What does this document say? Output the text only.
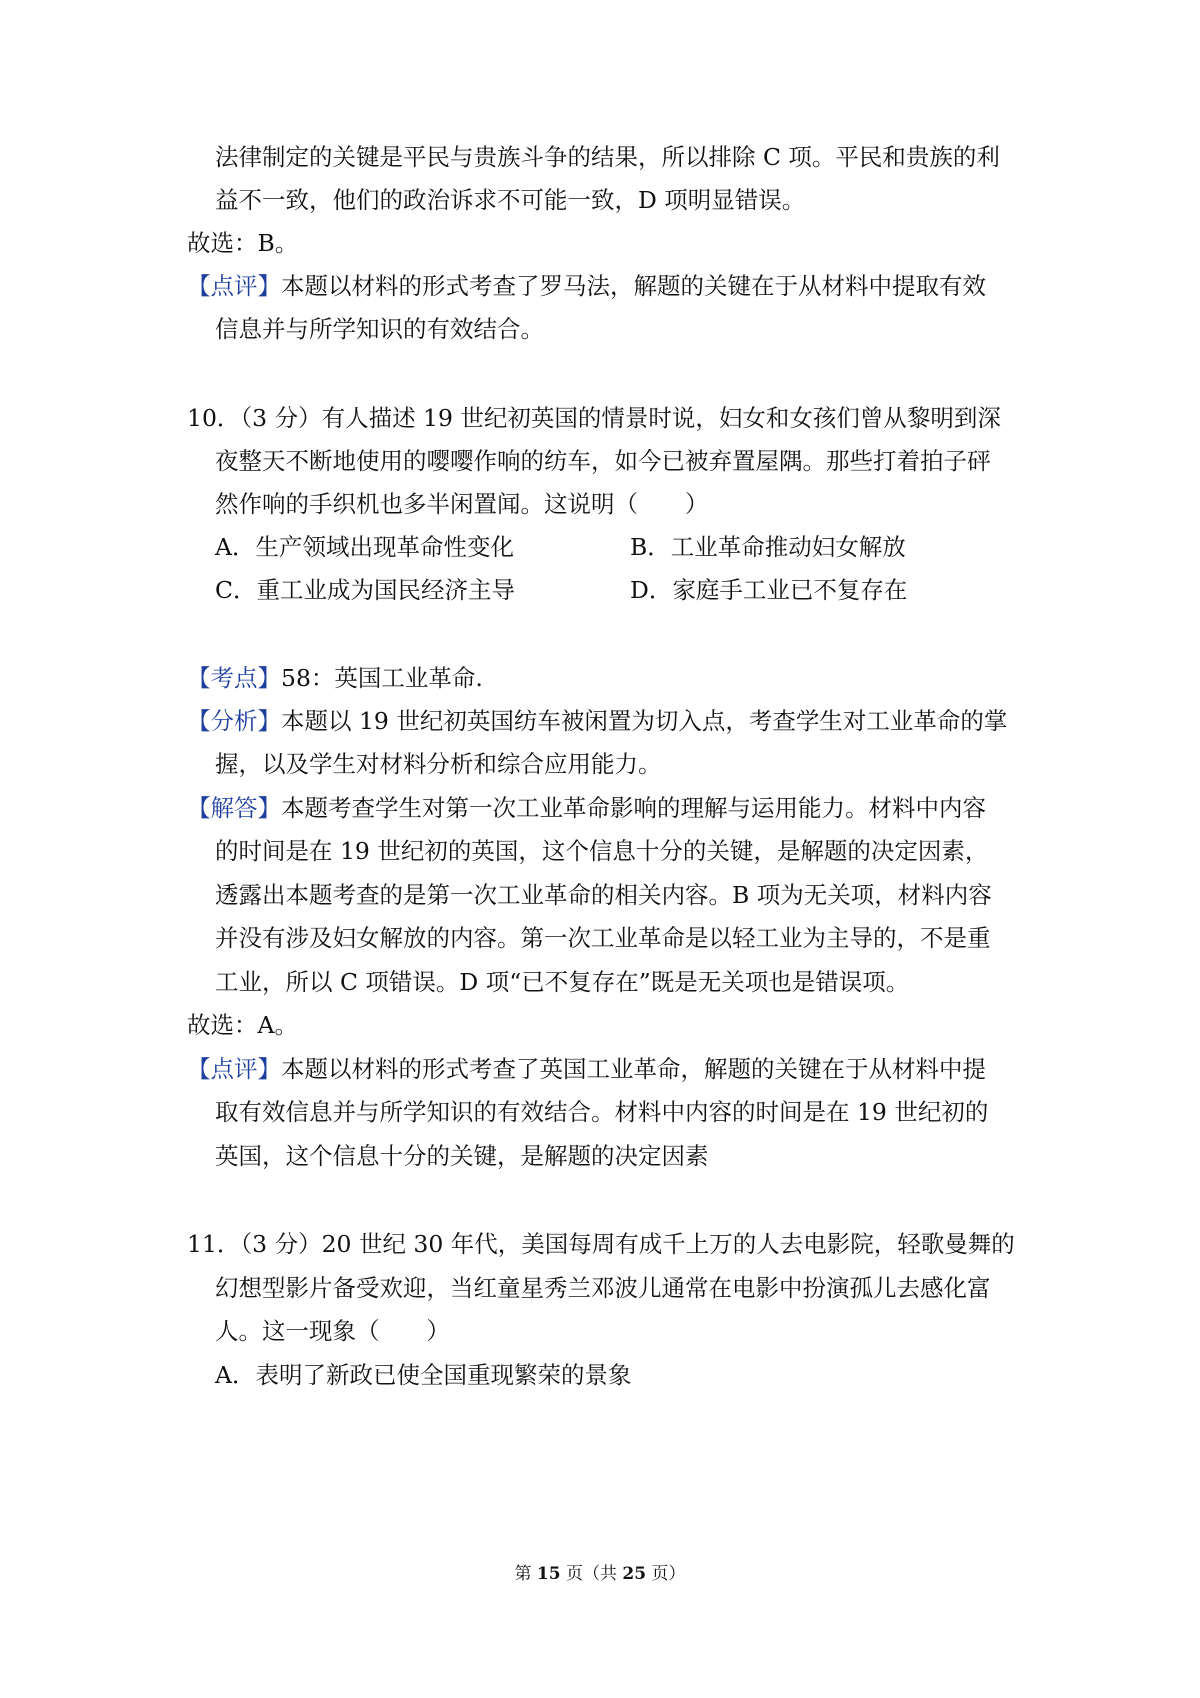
法律制定的关键是平民与贵族斗争的结果，所以排除 C 项。平民和贵族的利
益不一致，他们的政治诉求不可能一致，D 项明显错误。
故选：B。
【点评】本题以材料的形式考查了罗马法，解题的关键在于从材料中提取有效
信息并与所学知识的有效结合。
10．（3 分）有人描述 19 世纪初英国的情景时说，妇女和女孩们曾从黎明到深
夜整天不断地使用的嘤嘤作响的纺车，如今已被弃置屋隅。那些打着拍子砰
然作响的手织机也多半闲置闻。这说明（　　）
A．生产领域出现革命性变化	B．工业革命推动妇女解放
C．重工业成为国民经济主导	D．家庭手工业已不复存在
【考点】58：英国工业革命.
【分析】本题以 19 世纪初英国纺车被闲置为切入点，考查学生对工业革命的掌
握，以及学生对材料分析和综合应用能力。
【解答】本题考查学生对第一次工业革命影响的理解与运用能力。材料中内容
的时间是在 19 世纪初的英国，这个信息十分的关键，是解题的决定因素，
透露出本题考查的是第一次工业革命的相关内容。B 项为无关项，材料内容
并没有涉及妇女解放的内容。第一次工业革命是以轻工业为主导的，不是重
工业，所以 C 项错误。D 项“已不复存在”既是无关项也是错误项。
故选：A。
【点评】本题以材料的形式考查了英国工业革命，解题的关键在于从材料中提
取有效信息并与所学知识的有效结合。材料中内容的时间是在 19 世纪初的
英国，这个信息十分的关键，是解题的决定因素
11．（3 分）20 世纪 30 年代，美国每周有成千上万的人去电影院，轻歌曼舞的
幻想型影片备受欢迎，当红童星秀兰邓波儿通常在电影中扮演孤儿去感化富
人。这一现象（　　）
A．表明了新政已使全国重现繁荣的景象
第 15 页（共 25 页）
